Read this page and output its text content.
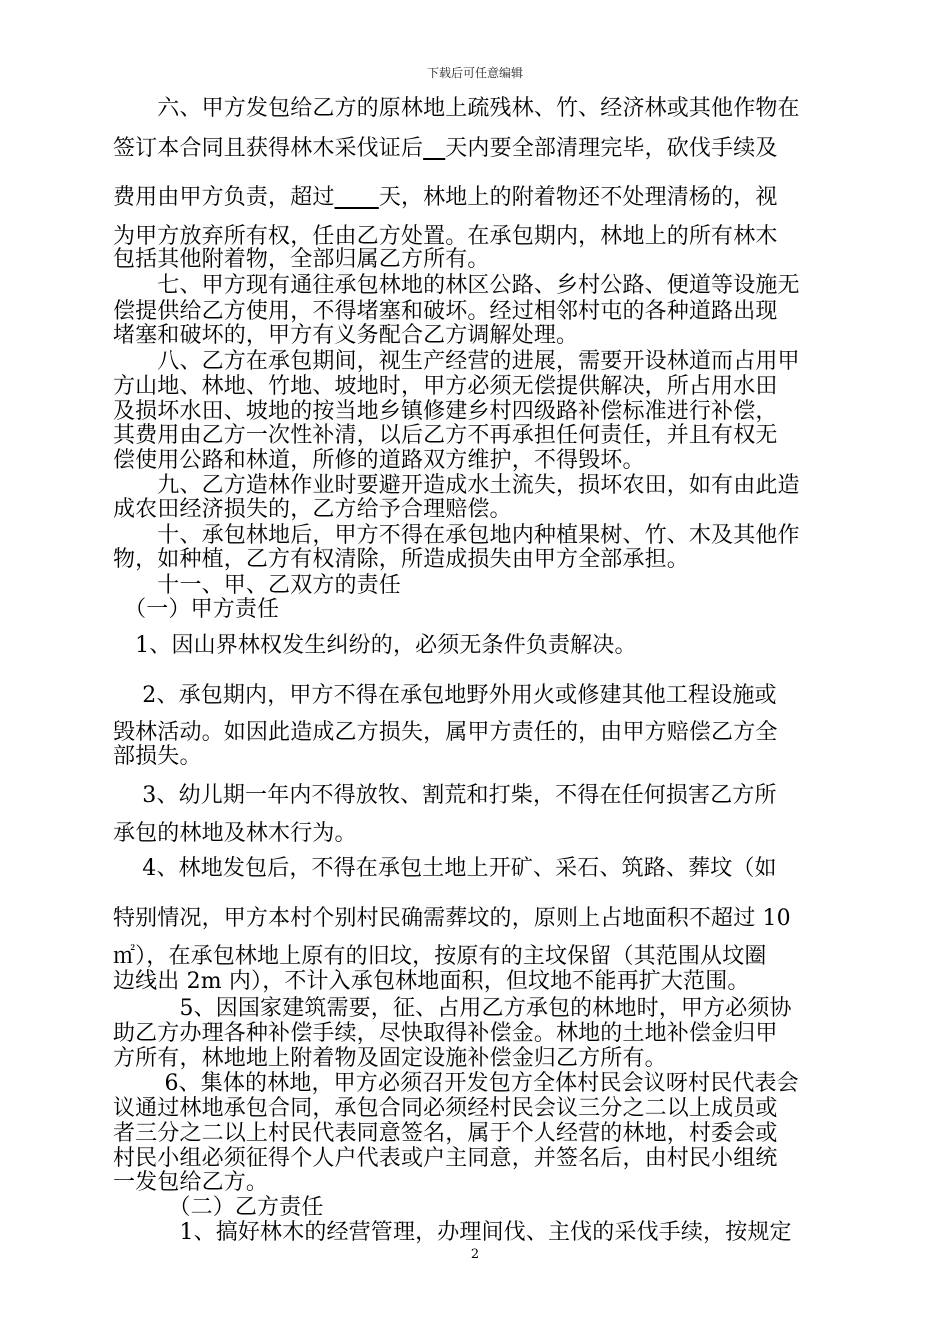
下载后可任意编辑
　　六、甲方发包给乙方的原林地上疏残林、竹、经济林或其他作物在
签订本合同且获得林木采伐证后　 天内要全部清理完毕，砍伐手续及
费用由甲方负责，超过　　 天，林地上的附着物还不处理清杨的，视
为甲方放弃所有权，任由乙方处置。在承包期内，林地上的所有林木
包括其他附着物，全部归属乙方所有。
　　七、甲方现有通往承包林地的林区公路、乡村公路、便道等设施无
偿提供给乙方使用，不得堵塞和破坏。经过相邻村屯的各种道路出现
堵塞和破坏的，甲方有义务配合乙方调解处理。
　　八、乙方在承包期间，视生产经营的进展，需要开设林道而占用甲
方山地、林地、竹地、坡地时，甲方必须无偿提供解决，所占用水田
及损坏水田、坡地的按当地乡镇修建乡村四级路补偿标准进行补偿，
其费用由乙方一次性补清，以后乙方不再承担任何责任，并且有权无
偿使用公路和林道，所修的道路双方维护，不得毁坏。
　　九、乙方造林作业时要避开造成水土流失，损坏农田，如有由此造
成农田经济损失的，乙方给予合理赔偿。
　　十、承包林地后，甲方不得在承包地内种植果树、竹、木及其他作
物，如种植，乙方有权清除，所造成损失由甲方全部承担。
　　十一、甲、乙双方的责任
　（一）甲方责任
　1、因山界林权发生纠纷的，必须无条件负责解决。
　 2、承包期内，甲方不得在承包地野外用火或修建其他工程设施或
毁林活动。如因此造成乙方损失，属甲方责任的，由甲方赔偿乙方全
部损失。
　 3、幼儿期一年内不得放牧、割荒和打柴，不得在任何损害乙方所
承包的林地及林木行为。
　 4、林地发包后，不得在承包土地上开矿、采石、筑路、葬坟（如
特别情况，甲方本村个别村民确需葬坟的，原则上占地面积不超过 10
㎡），在承包林地上原有的旧坟，按原有的主坟保留（其范围从坟圈
边线出 2m 内），不计入承包林地面积，但坟地不能再扩大范围。
　　　5、因国家建筑需要，征、占用乙方承包的林地时，甲方必须协
助乙方办理各种补偿手续，尽快取得补偿金。林地的土地补偿金归甲
方所有，林地地上附着物及固定设施补偿金归乙方所有。
　　 6、集体的林地，甲方必须召开发包方全体村民会议呀村民代表会
议通过林地承包合同，承包合同必须经村民会议三分之二以上成员或
者三分之二以上村民代表同意签名，属于个人经营的林地，村委会或
村民小组必须征得个人户代表或户主同意，并签名后，由村民小组统
一发包给乙方。
　　　（二）乙方责任
　　　1、搞好林木的经营管理，办理间伐、主伐的采伐手续，按规定
2
